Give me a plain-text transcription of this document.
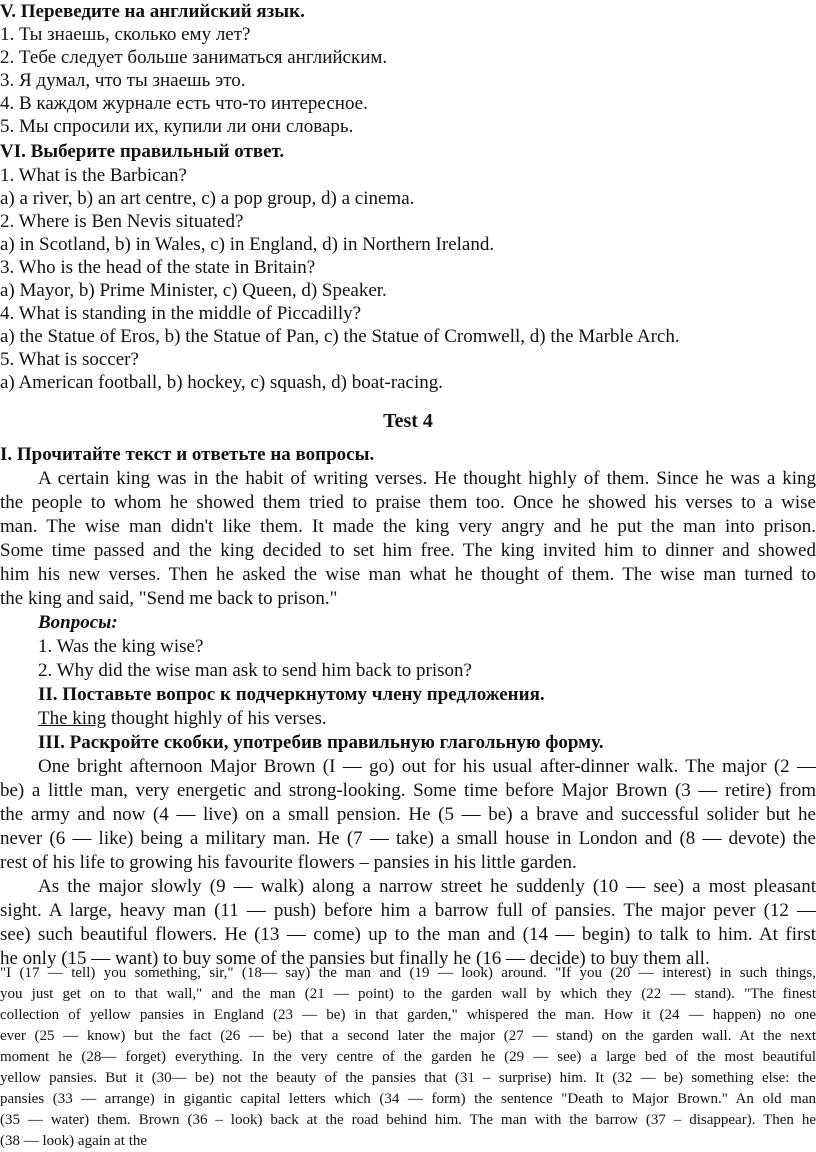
V. Переведите на английский язык.
1. Ты знаешь, сколько ему лет?
2. Тебе следует больше заниматься английским.
3. Я думал, что ты знаешь это.
4. В каждом журнале есть что-то интересное.
5. Мы спросили их, купили ли они словарь.
VI. Выберите правильный ответ.
1. What is the Barbican?
a) a river, b) an art centre, c) a pop group, d) a cinema.
2. Where is Ben Nevis situated?
a) in Scotland, b) in Wales, c) in England, d) in Northern Ireland.
3. Who is the head of the state in Britain?
a) Mayor, b) Prime Minister, c) Queen, d) Speaker.
4. What is standing in the middle of Piccadilly?
a) the Statue of Eros, b) the Statue of Pan, c) the Statue of Cromwell, d) the Marble Arch.
5. What is soccer?
a) American football, b) hockey, c) squash, d) boat-racing.
Test 4
I. Прочитайте текст и ответьте на вопросы.
A certain king was in the habit of writing verses. He thought highly of them. Since he was a king
the people to whom he showed them tried to praise them too. Once he showed his verses to a wise
man. The wise man didn't like them. It made the king very angry and he put the man into prison.
Some time passed and the king decided to set him free. The king invited him to dinner and showed
him his new verses. Then he asked the wise man what he thought of them. The wise man turned to
the king and said, "Send me back to prison."
Вопросы:
1. Was the king wise?
2. Why did the wise man ask to send him back to prison?
II. Поставьте вопрос к подчеркнутому члену предложения.
The king thought highly of his verses.
III. Раскройте скобки, употребив правильную глагольную форму.
One bright afternoon Major Brown (I — go) out for his usual after-dinner walk. The major (2 —
be) a little man, very energetic and strong-looking. Some time before Major Brown (3 — retire) from
the army and now (4 — live) on a small pension. He (5 — be) a brave and successful solider but he
never (6 — like) being a military man. He (7 — take) a small house in London and (8 — devote) the
rest of his life to growing his favourite flowers – pansies in his little garden.
As the major slowly (9 — walk) along a narrow street he suddenly (10 — see) a most pleasant
sight. A large, heavy man (11 — push) before him a barrow full of pansies. The major pever (12 —
see) such beautiful flowers. He (13 — come) up to the man and (14 — begin) to talk to him. At first
he only (15 — want) to buy some of the pansies but finally he (16 — decide) to buy them all.
"I (17 — tell) you something, sir," (18— say) the man and (19 — look) around. "If you (20 — interest) in such things,
you just get on to that wall," and the man (21 — point) to the garden wall by which they (22 — stand). "The finest
collection of yellow pansies in England (23 — be) in that garden," whispered the man. How it (24 — happen) no one
ever (25 — know) but the fact (26 — be) that a second later the major (27 — stand) on the garden wall. At the next
moment he (28— forget) everything. In the very centre of the garden he (29 — see) a large bed of the most beautiful
yellow pansies. But it (30— be) not the beauty of the pansies that (31 – surprise) him. It (32 — be) something else: the
pansies (33 — arrange) in gigantic capital letters which (34 — form) the sentence "Death to Major Brown." An old man
(35 — water) them. Brown (36 – look) back at the road behind him. The man with the barrow (37 – disappear). Then he
(38 — look) again at the
